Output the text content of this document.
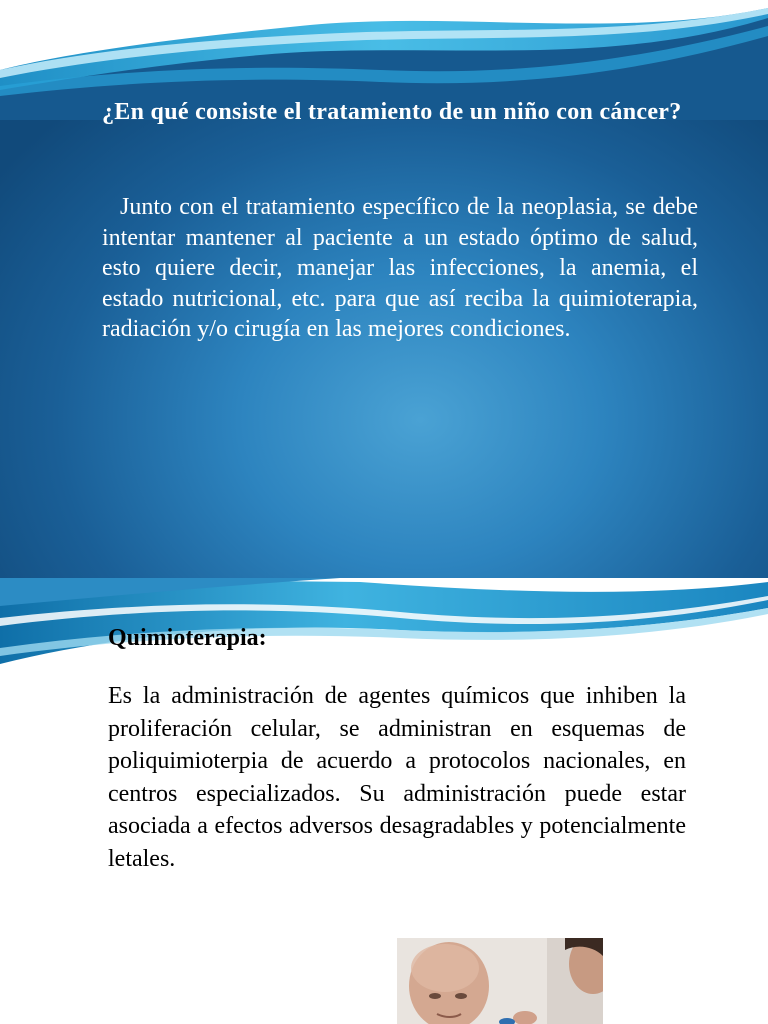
¿En qué consiste el tratamiento de un niño con cáncer?
Junto con el tratamiento específico de la neoplasia, se debe intentar mantener al paciente a un estado óptimo de salud, esto quiere decir, manejar las infecciones, la anemia, el estado nutricional, etc. para que así reciba la quimioterapia, radiación y/o cirugía en las mejores condiciones.
Quimioterapia:
Es la administración de agentes químicos que inhiben la proliferación celular, se administran en esquemas de poliquimioterpia de acuerdo a protocolos nacionales, en centros especializados. Su administración puede estar asociada a efectos adversos desagradables y potencialmente letales.
